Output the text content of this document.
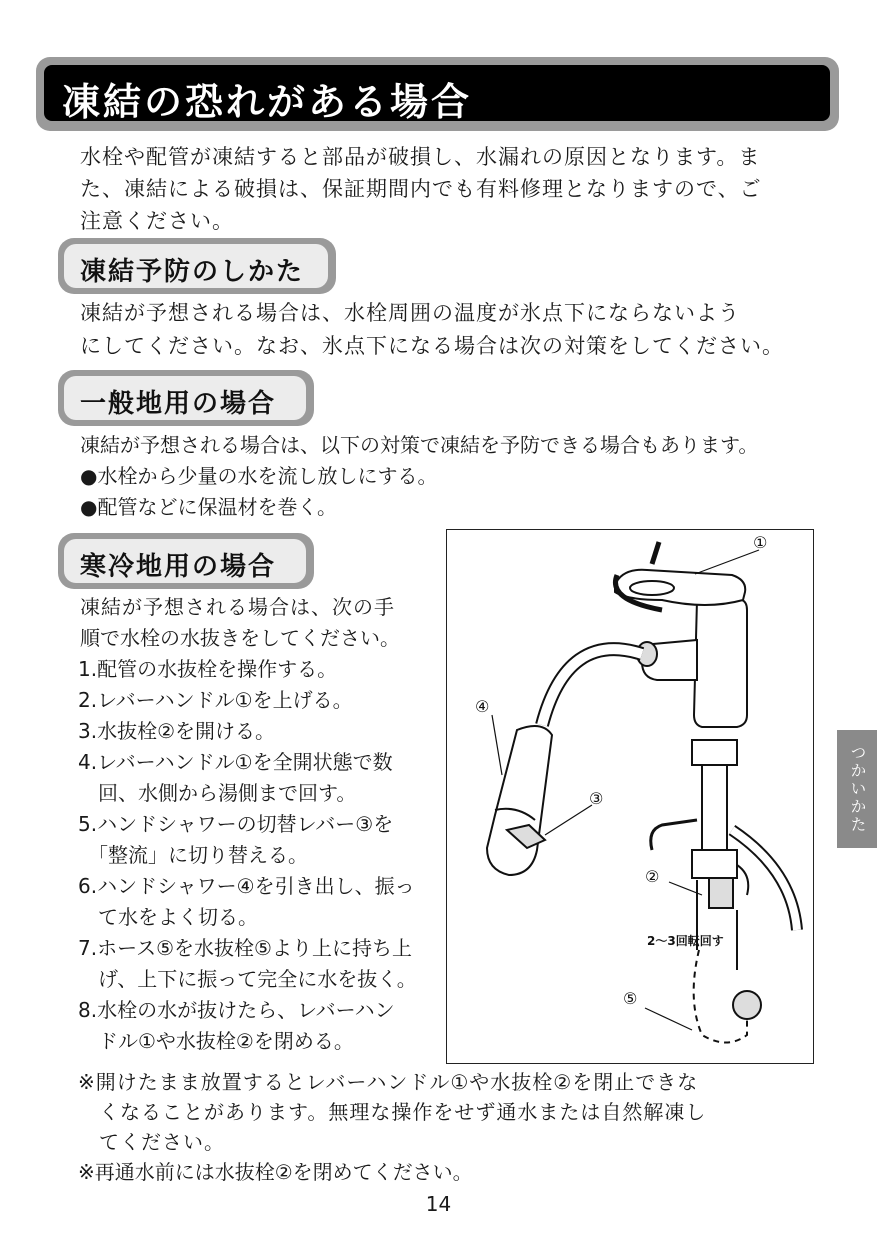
凍結の恐れがある場合
水栓や配管が凍結すると部品が破損し、水漏れの原因となります。ま
た、凍結による破損は、保証期間内でも有料修理となりますので、ご
注意ください。
凍結予防のしかた
凍結が予想される場合は、水栓周囲の温度が氷点下にならないよう
にしてください。なお、氷点下になる場合は次の対策をしてください。
一般地用の場合
凍結が予想される場合は、以下の対策で凍結を予防できる場合もあります。
●水栓から少量の水を流し放しにする。
●配管などに保温材を巻く。
寒冷地用の場合
凍結が予想される場合は、次の手
順で水栓の水抜きをしてください。
1.配管の水抜栓を操作する。
2.レバーハンドル①を上げる。
3.水抜栓②を開ける。
4.レバーハンドル①を全開状態で数
　回、水側から湯側まで回す。
5.ハンドシャワーの切替レバー③を
　「整流」に切り替える。
6.ハンドシャワー④を引き出し、振っ
　て水をよく切る。
7.ホース⑤を水抜栓⑤より上に持ち上
　げ、上下に振って完全に水を抜く。
8.水栓の水が抜けたら、レバーハン
　ドル①や水抜栓②を閉める。
①
②
③
④
⑤
2〜3回転回す
※開けたまま放置するとレバーハンドル①や水抜栓②を閉止できな
　くなることがあります。無理な操作をせず通水または自然解凍し
　てください。
※再通水前には水抜栓②を閉めてください。
つかいかた
14
